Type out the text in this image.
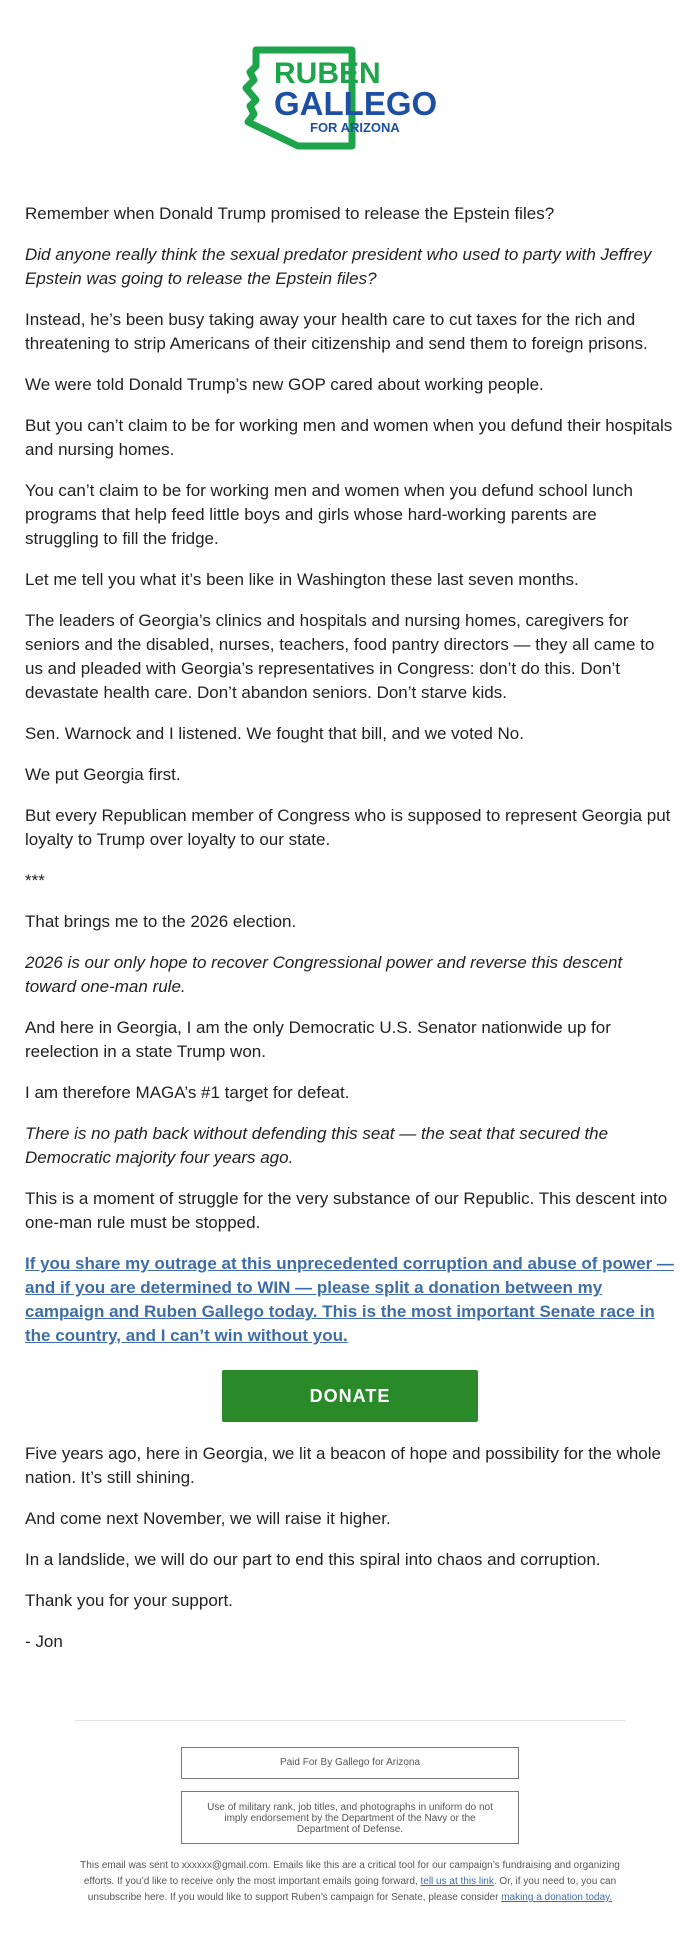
RUBEN
GALLEGO
FOR ARIZONA

Remember when Donald Trump promised to release the Epstein files?

Did anyone really think the sexual predator president who used to party with Jeffrey Epstein was going to release the Epstein files?

Instead, he’s been busy taking away your health care to cut taxes for the rich and threatening to strip Americans of their citizenship and send them to foreign prisons.

We were told Donald Trump’s new GOP cared about working people.

But you can’t claim to be for working men and women when you defund their hospitals and nursing homes.

You can’t claim to be for working men and women when you defund school lunch programs that help feed little boys and girls whose hard-working parents are struggling to fill the fridge.

Let me tell you what it’s been like in Washington these last seven months.

The leaders of Georgia’s clinics and hospitals and nursing homes, caregivers for seniors and the disabled, nurses, teachers, food pantry directors — they all came to us and pleaded with Georgia’s representatives in Congress: don’t do this. Don’t devastate health care. Don’t abandon seniors. Don’t starve kids.

Sen. Warnock and I listened. We fought that bill, and we voted No.

We put Georgia first.

But every Republican member of Congress who is supposed to represent Georgia put loyalty to Trump over loyalty to our state.

***

That brings me to the 2026 election.

2026 is our only hope to recover Congressional power and reverse this descent toward one-man rule.

And here in Georgia, I am the only Democratic U.S. Senator nationwide up for reelection in a state Trump won.

I am therefore MAGA’s #1 target for defeat.

There is no path back without defending this seat — the seat that secured the Democratic majority four years ago.

This is a moment of struggle for the very substance of our Republic. This descent into one-man rule must be stopped.

If you share my outrage at this unprecedented corruption and abuse of power — and if you are determined to WIN — please split a donation between my campaign and Ruben Gallego today. This is the most important Senate race in the country, and I can’t win without you.

DONATE

Five years ago, here in Georgia, we lit a beacon of hope and possibility for the whole nation. It’s still shining.

And come next November, we will raise it higher.

In a landslide, we will do our part to end this spiral into chaos and corruption.

Thank you for your support.

- Jon

Paid For By Gallego for Arizona
Use of military rank, job titles, and photographs in uniform do not imply endorsement by the Department of the Navy or the Department of Defense.
This email was sent to xxxxxx@gmail.com. Emails like this are a critical tool for our campaign’s fundraising and organizing efforts. If you’d like to receive only the most important emails going forward, tell us at this link. Or, if you need to, you can unsubscribe here. If you would like to support Ruben’s campaign for Senate, please consider making a donation today.
